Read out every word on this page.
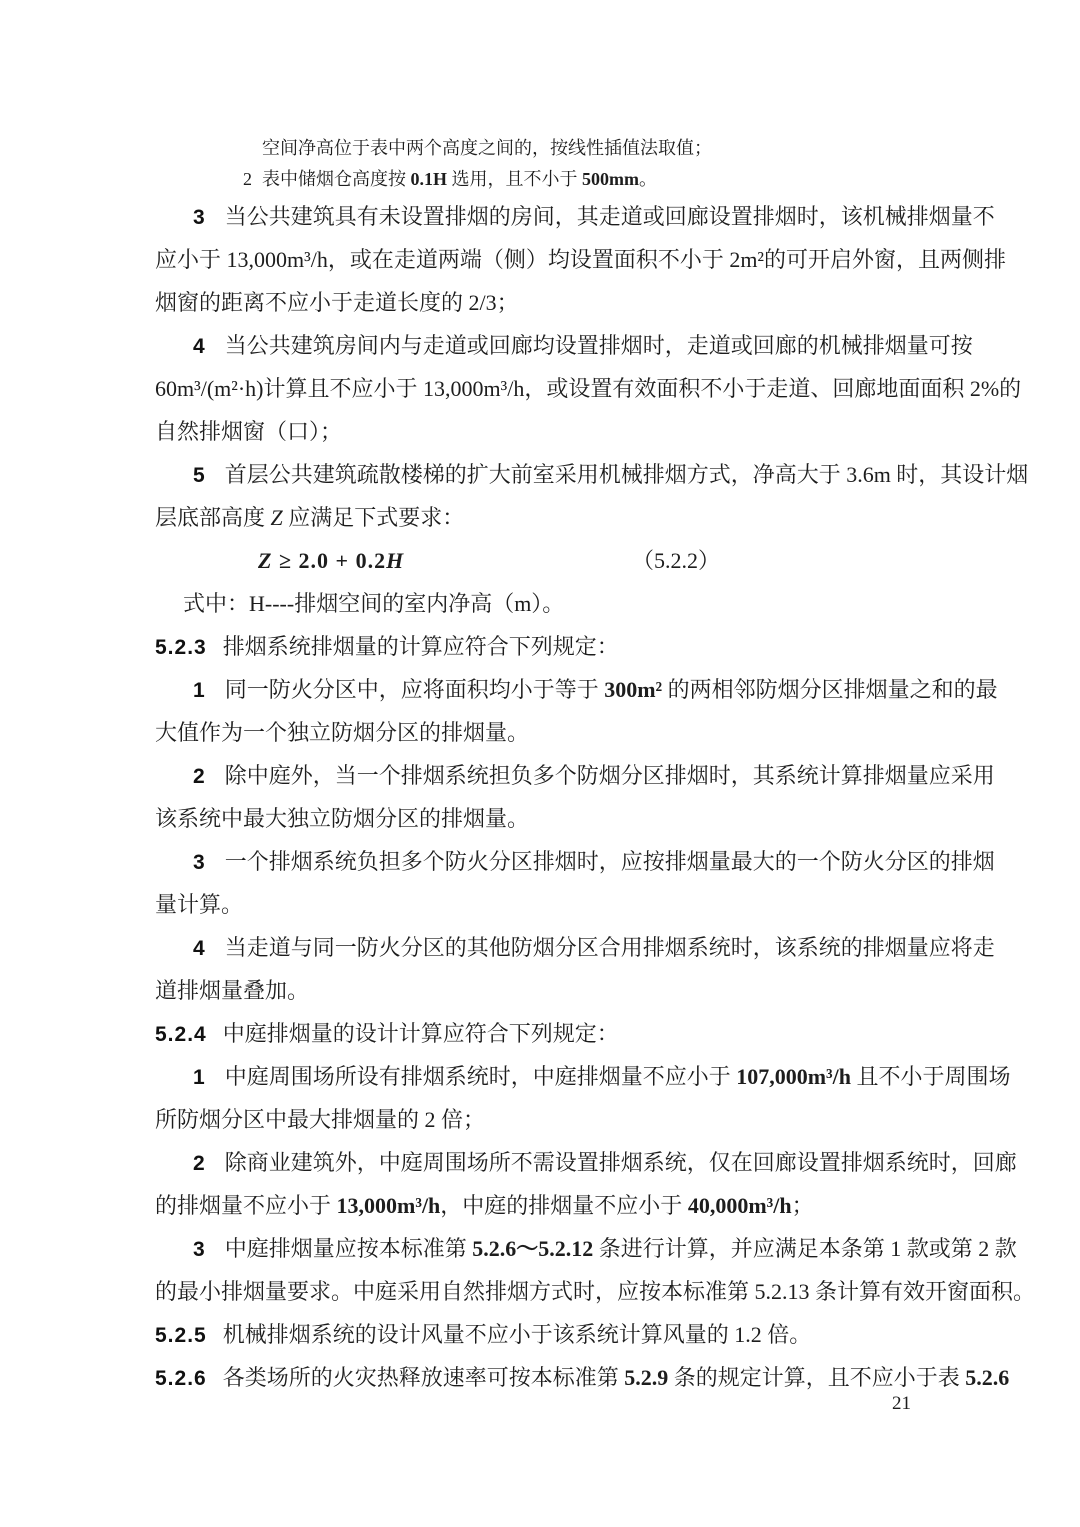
空间净高位于表中两个高度之间的，按线性插值法取值；
2 表中储烟仓高度按 0.1H 选用，且不小于 500mm。
3 当公共建筑具有未设置排烟的房间，其走道或回廊设置排烟时，该机械排烟量不
应小于 13,000m³/h，或在走道两端（侧）均设置面积不小于 2m²的可开启外窗，且两侧排
烟窗的距离不应小于走道长度的 2/3；
4 当公共建筑房间内与走道或回廊均设置排烟时，走道或回廊的机械排烟量可按
60m³/(m²·h)计算且不应小于 13,000m³/h，或设置有效面积不小于走道、回廊地面面积 2%的
自然排烟窗（口）；
5 首层公共建筑疏散楼梯的扩大前室采用机械排烟方式，净高大于 3.6m 时，其设计烟
层底部高度 Z 应满足下式要求：
Z ≥ 2.0 + 0.2H	（5.2.2）
式中：H----排烟空间的室内净高（m）。
5.2.3 排烟系统排烟量的计算应符合下列规定：
1 同一防火分区中，应将面积均小于等于 300m² 的两相邻防烟分区排烟量之和的最
大值作为一个独立防烟分区的排烟量。
2 除中庭外，当一个排烟系统担负多个防烟分区排烟时，其系统计算排烟量应采用
该系统中最大独立防烟分区的排烟量。
3 一个排烟系统负担多个防火分区排烟时，应按排烟量最大的一个防火分区的排烟
量计算。
4 当走道与同一防火分区的其他防烟分区合用排烟系统时，该系统的排烟量应将走
道排烟量叠加。
5.2.4 中庭排烟量的设计计算应符合下列规定：
1 中庭周围场所设有排烟系统时，中庭排烟量不应小于 107,000m³/h 且不小于周围场
所防烟分区中最大排烟量的 2 倍；
2 除商业建筑外，中庭周围场所不需设置排烟系统，仅在回廊设置排烟系统时，回廊
的排烟量不应小于 13,000m³/h，中庭的排烟量不应小于 40,000m³/h；
3 中庭排烟量应按本标准第 5.2.6～5.2.12 条进行计算，并应满足本条第 1 款或第 2 款
的最小排烟量要求。中庭采用自然排烟方式时，应按本标准第 5.2.13 条计算有效开窗面积。
5.2.5 机械排烟系统的设计风量不应小于该系统计算风量的 1.2 倍。
5.2.6 各类场所的火灾热释放速率可按本标准第 5.2.9 条的规定计算，且不应小于表 5.2.6
21
